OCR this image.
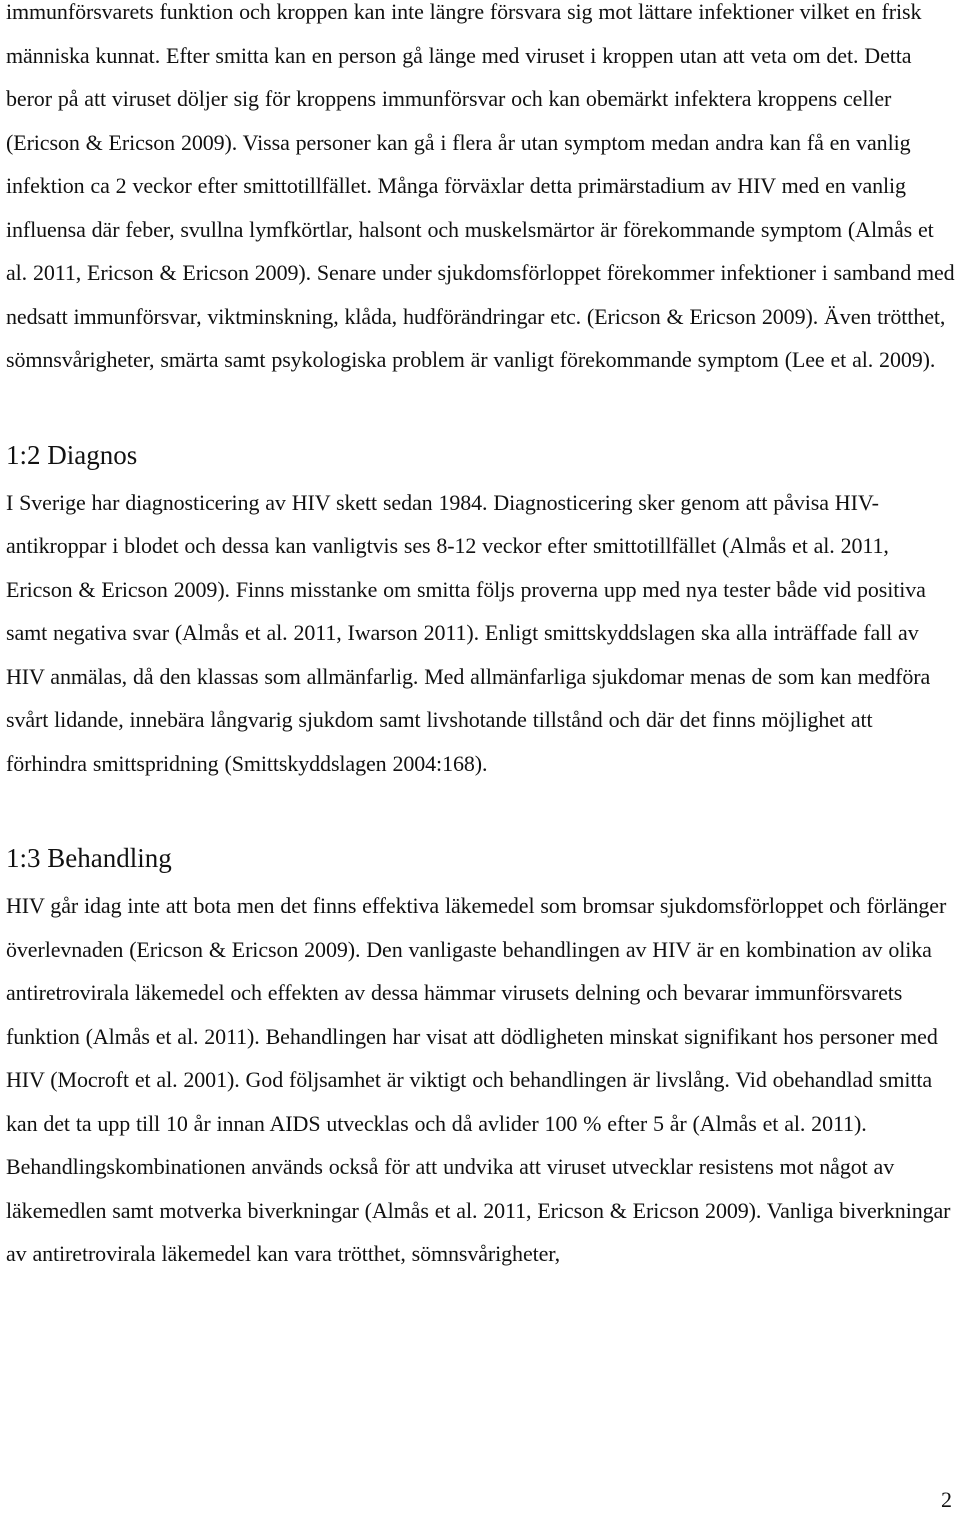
immunförsvarets funktion och kroppen kan inte längre försvara sig mot lättare infektioner vilket en frisk människa kunnat. Efter smitta kan en person gå länge med viruset i kroppen utan att veta om det. Detta beror på att viruset döljer sig för kroppens immunförsvar och kan obemärkt infektera kroppens celler (Ericson & Ericson 2009). Vissa personer kan gå i flera år utan symptom medan andra kan få en vanlig infektion ca 2 veckor efter smittotillfället. Många förväxlar detta primärstadium av HIV med en vanlig influensa där feber, svullna lymfkörtlar, halsont och muskelsmärtor är förekommande symptom (Almås et al. 2011, Ericson & Ericson 2009). Senare under sjukdomsförloppet förekommer infektioner i samband med nedsatt immunförsvar, viktminskning, klåda, hudförändringar etc. (Ericson & Ericson 2009). Även trötthet, sömnsvårigheter, smärta samt psykologiska problem är vanligt förekommande symptom (Lee et al. 2009).

1:2 Diagnos

I Sverige har diagnosticering av HIV skett sedan 1984. Diagnosticering sker genom att påvisa HIV-antikroppar i blodet och dessa kan vanligtvis ses 8-12 veckor efter smittotillfället (Almås et al. 2011, Ericson & Ericson 2009). Finns misstanke om smitta följs proverna upp med nya tester både vid positiva samt negativa svar (Almås et al. 2011, Iwarson 2011). Enligt smittskyddslagen ska alla inträffade fall av HIV anmälas, då den klassas som allmänfarlig. Med allmänfarliga sjukdomar menas de som kan medföra svårt lidande, innebära långvarig sjukdom samt livshotande tillstånd och där det finns möjlighet att förhindra smittspridning (Smittskyddslagen 2004:168).

1:3 Behandling

HIV går idag inte att bota men det finns effektiva läkemedel som bromsar sjukdomsförloppet och förlänger överlevnaden (Ericson & Ericson 2009). Den vanligaste behandlingen av HIV är en kombination av olika antiretrovirala läkemedel och effekten av dessa hämmar virusets delning och bevarar immunförsvarets funktion (Almås et al. 2011). Behandlingen har visat att dödligheten minskat signifikant hos personer med HIV (Mocroft et al. 2001). God följsamhet är viktigt och behandlingen är livslång. Vid obehandlad smitta kan det ta upp till 10 år innan AIDS utvecklas och då avlider 100 % efter 5 år (Almås et al. 2011). Behandlingskombinationen används också för att undvika att viruset utvecklar resistens mot något av läkemedlen samt motverka biverkningar (Almås et al. 2011, Ericson & Ericson 2009). Vanliga biverkningar av antiretrovirala läkemedel kan vara trötthet, sömnsvårigheter,

2
